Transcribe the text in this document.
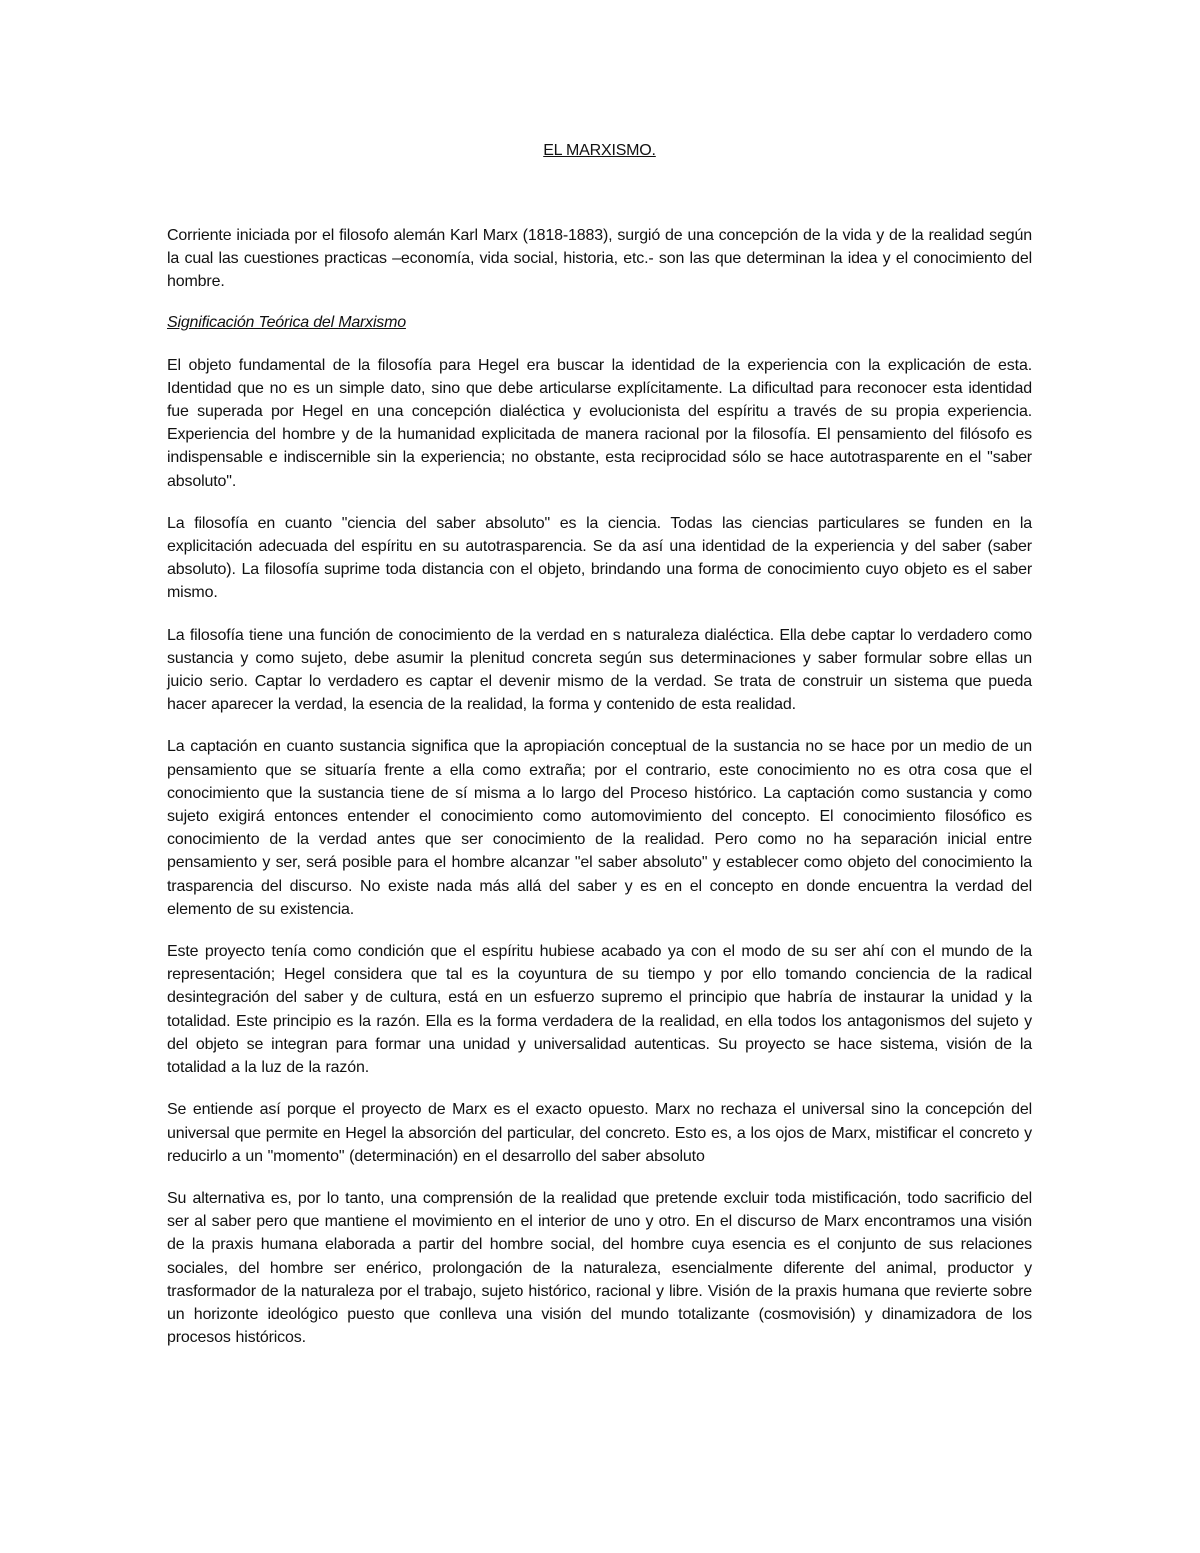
EL MARXISMO.

Corriente iniciada por el filosofo alemán Karl Marx (1818-1883), surgió de una concepción de la vida y de la realidad según la cual las cuestiones practicas –economía, vida social, historia, etc.- son las que determinan la idea y el conocimiento del hombre.

Significación Teórica del Marxismo

El objeto fundamental de la filosofía para Hegel era buscar la identidad de la experiencia con la explicación de esta. Identidad que no es un simple dato, sino que debe articularse explícitamente. La dificultad para reconocer esta identidad fue superada por Hegel en una concepción dialéctica y evolucionista del espíritu a través de su propia experiencia. Experiencia del hombre y de la humanidad explicitada de manera racional por la filosofía. El pensamiento del filósofo es indispensable e indiscernible sin la experiencia; no obstante, esta reciprocidad sólo se hace autotrasparente en el "saber absoluto".

La filosofía en cuanto "ciencia del saber absoluto" es la ciencia. Todas las ciencias particulares se funden en la explicitación adecuada del espíritu en su autotrasparencia. Se da así una identidad de la experiencia y del saber (saber absoluto). La filosofía suprime toda distancia con el objeto, brindando una forma de conocimiento cuyo objeto es el saber mismo.

La filosofía tiene una función de conocimiento de la verdad en s naturaleza dialéctica. Ella debe captar lo verdadero como sustancia y como sujeto, debe asumir la plenitud concreta según sus determinaciones y saber formular sobre ellas un juicio serio. Captar lo verdadero es captar el devenir mismo de la verdad. Se trata de construir un sistema que pueda hacer aparecer la verdad, la esencia de la realidad, la forma y contenido de esta realidad.

La captación en cuanto sustancia significa que la apropiación conceptual de la sustancia no se hace por un medio de un pensamiento que se situaría frente a ella como extraña; por el contrario, este conocimiento no es otra cosa que el conocimiento que la sustancia tiene de sí misma a lo largo del Proceso histórico. La captación como sustancia y como sujeto exigirá entonces entender el conocimiento como automovimiento del concepto. El conocimiento filosófico es conocimiento de la verdad antes que ser conocimiento de la realidad. Pero como no ha separación inicial entre pensamiento y ser, será posible para el hombre alcanzar "el saber absoluto" y establecer como objeto del conocimiento la trasparencia del discurso. No existe nada más allá del saber y es en el concepto en donde encuentra la verdad del elemento de su existencia.

Este proyecto tenía como condición que el espíritu hubiese acabado ya con el modo de su ser ahí con el mundo de la representación; Hegel considera que tal es la coyuntura de su tiempo y por ello tomando conciencia de la radical desintegración del saber y de cultura, está en un esfuerzo supremo el principio que habría de instaurar la unidad y la totalidad. Este principio es la razón. Ella es la forma verdadera de la realidad, en ella todos los antagonismos del sujeto y del objeto se integran para formar una unidad y universalidad autenticas. Su proyecto se hace sistema, visión de la totalidad a la luz de la razón.

Se entiende así porque el proyecto de Marx es el exacto opuesto. Marx no rechaza el universal sino la concepción del universal que permite en Hegel la absorción del particular, del concreto. Esto es, a los ojos de Marx, mistificar el concreto y reducirlo a un "momento" (determinación) en el desarrollo del saber absoluto

Su alternativa es, por lo tanto, una comprensión de la realidad que pretende excluir toda mistificación, todo sacrificio del ser al saber pero que mantiene el movimiento en el interior de uno y otro. En el discurso de Marx encontramos una visión de la praxis humana elaborada a partir del hombre social, del hombre cuya esencia es el conjunto de sus relaciones sociales, del hombre ser enérico, prolongación de la naturaleza, esencialmente diferente del animal, productor y trasformador de la naturaleza por el trabajo, sujeto histórico, racional y libre. Visión de la praxis humana que revierte sobre un horizonte ideológico puesto que conlleva una visión del mundo totalizante (cosmovisión) y dinamizadora de los procesos históricos.
